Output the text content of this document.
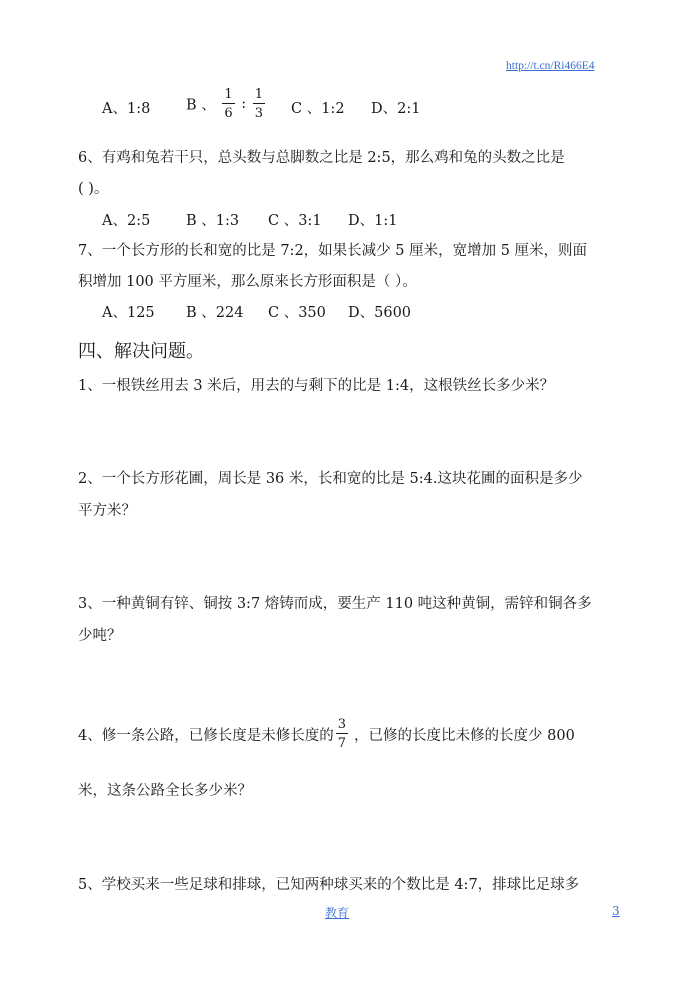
http://t.cn/Ri466E4
A、1:8 B 、 $\frac{1}{6}$ : $\frac{1}{3}$ C 、1:2 D、2:1
6、有鸡和兔若干只，总头数与总脚数之比是 2:5，那么鸡和兔的头数之比是
( )。
A、2:5 B 、1:3 C 、3:1 D、1:1
7、一个长方形的长和宽的比是 7:2，如果长减少 5 厘米，宽增加 5 厘米，则面
积增加 100 平方厘米，那么原来长方形面积是（ ）。
A、125 B 、224 C 、350 D、5600
四、解决问题。
1、一根铁丝用去 3 米后，用去的与剩下的比是 1:4，这根铁丝长多少米？
2、一个长方形花圃，周长是 36 米，长和宽的比是 5:4.这块花圃的面积是多少
平方米？
3、一种黄铜有锌、铜按 3:7 熔铸而成，要生产 110 吨这种黄铜，需锌和铜各多
少吨？
4、修一条公路，已修长度是未修长度的 $\frac{3}{7}$ ，已修的长度比未修的长度少 800
米，这条公路全长多少米？
5、学校买来一些足球和排球，已知两种球买来的个数比是 4:7，排球比足球多
教育	3
